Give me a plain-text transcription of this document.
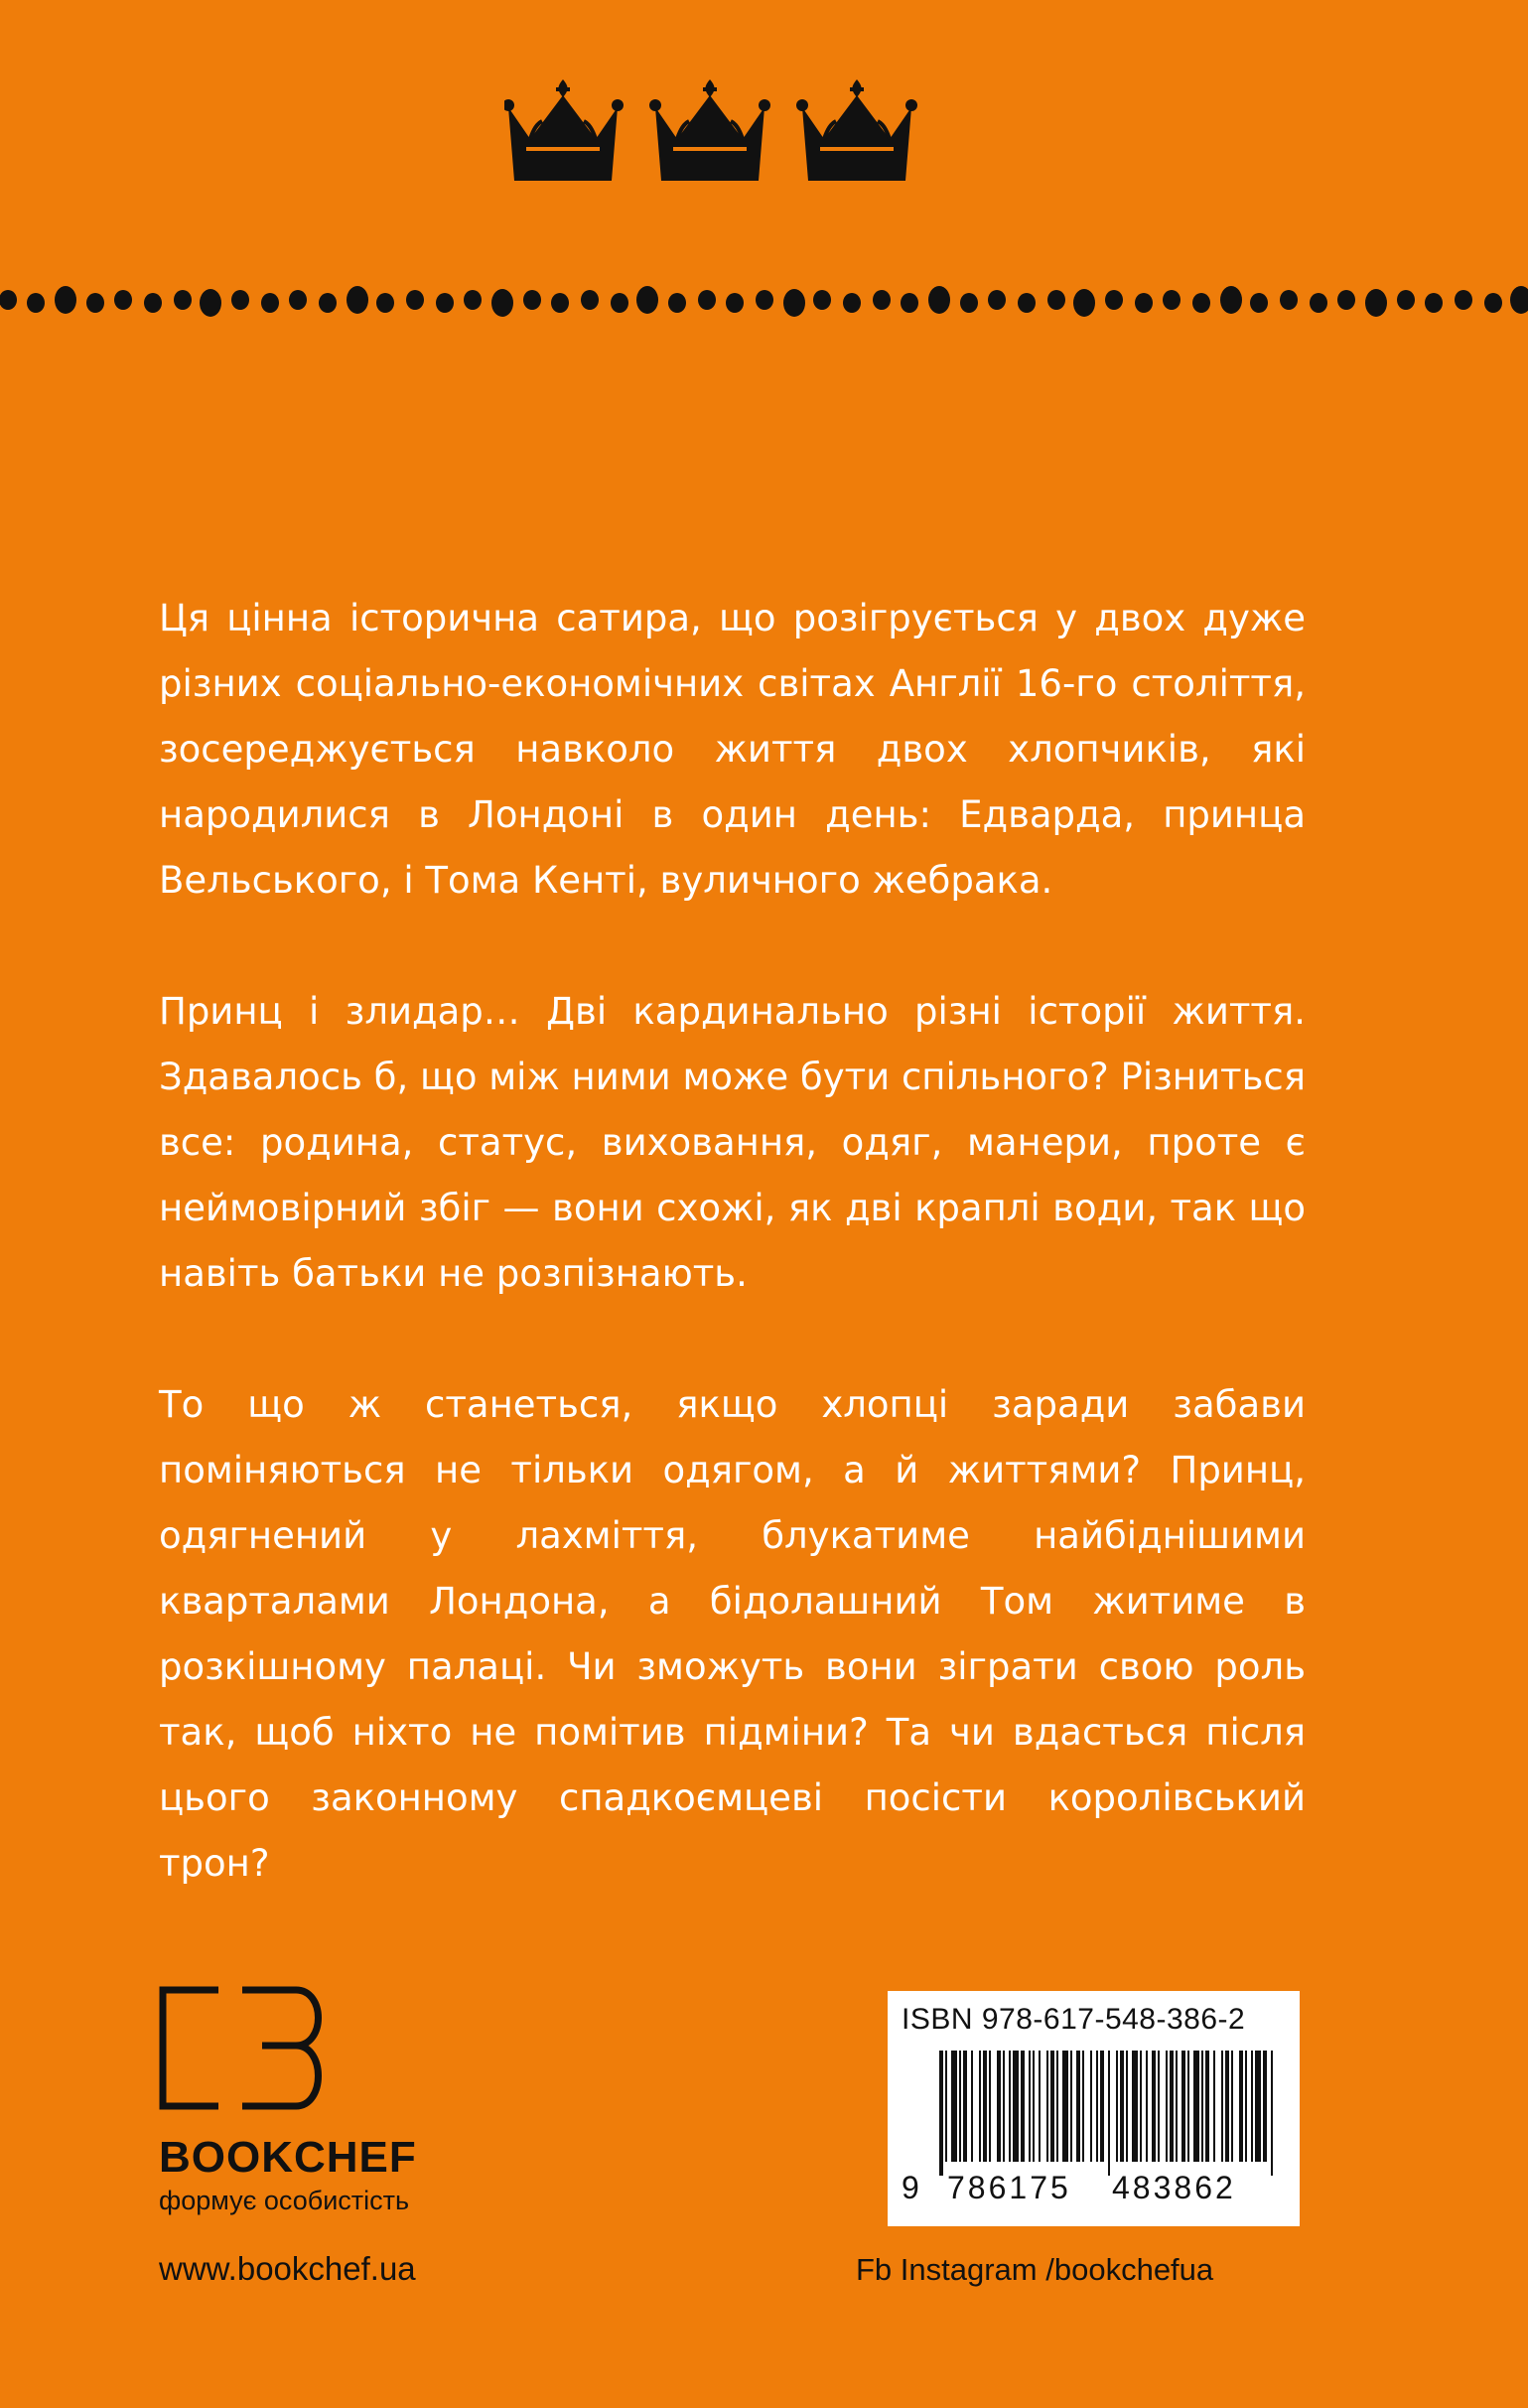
Ця цінна історична сатира, що розігрується у двох дуже різних соціально-економічних світах Англії 16-го століття, зосереджується навколо життя двох хлопчиків, які народилися в Лондоні в один день: Едварда, принца Вельського, і Тома Кенті, вуличного жебрака.

Принц і злидар… Дві кардинально різні історії життя. Здавалось б, що між ними може бути спільного? Різниться все: родина, статус, виховання, одяг, манери, проте є неймовірний збіг — вони схожі, як дві краплі води, так що навіть батьки не розпізнають.

То що ж станеться, якщо хлопці заради забави поміняються не тільки одягом, а й життями? Принц, одягнений у лахміття, блукатиме найбіднішими кварталами Лондона, а бідолашний Том житиме в розкішному палаці. Чи зможуть вони зіграти свою роль так, щоб ніхто не помітив підміни? Та чи вдасться після цього законному спадкоємцеві посісти королівський трон?

BOOKCHEF
формує особистість
www.bookchef.ua
ISBN 978-617-548-386-2
9 786175 483862
Fb Instagram /bookchefua
